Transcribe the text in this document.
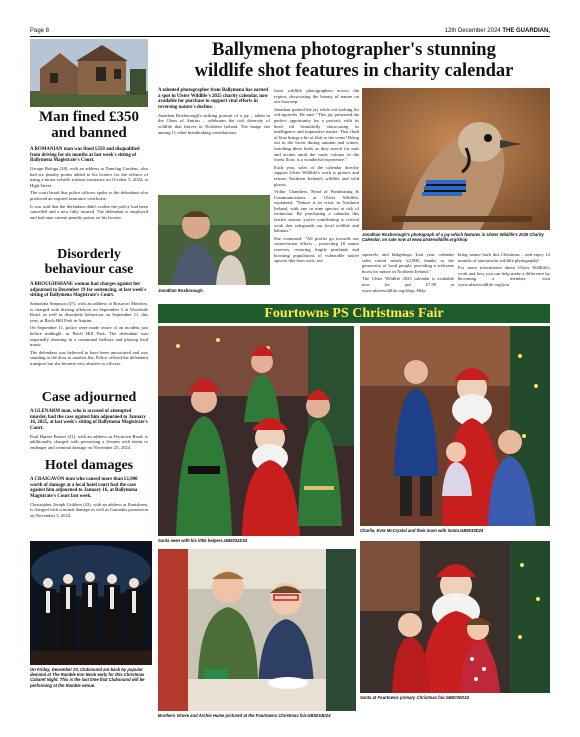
Page 8	12th December 2024 THE GUARDIAN,
Man fined £350 and banned

A ROMANIAN man was fined £350 and disqualified from driving for six months at last week's sitting of Ballymena Magistrate's Court.

George Bologa (28), with an address at Dunclug Gardens, also had six penalty points added to his licence for the offence of using a motor vehicle without insurance on October 5, 2024, at High Street.

The court heard that police officers spoke to the defendant who produced an expired insurance certificate.

It was said that the defendant didn't realise the policy had been cancelled and a new fully insured. The defendant is employed and had nine current penalty points on his licence.

Disorderly behaviour case

A BROUGHSHANE woman had charges against her adjourned to December 19 for sentencing, at last week's sitting of Ballymena Magistrate's Court.

Samantha Simpson (47), with an address at Rosavon Meadow, is charged with driving offences on September 5 at Woodside Road, as well as disorderly behaviour on September 11, this year, at Birch Hill Park in Antrim.

On September 11, police were made aware of an incident just before midnight, at Birch Hill Park. The defendant was reportedly shouting in a communal hallway and playing loud music.

The defendant was believed to have been intoxicated and was standing at the door to another flat. Police offered the defendant transport but she became very abusive to officers.

Case adjourned

A GLENARM man, who is accused of attempted murder, had the case against him adjourned to January 16, 2025, at last week's sitting of Ballymena Magistrate's Court.

Paul Hunter Baxter (41), with an address in Feystown Road, is additionally charged with possessing a firearm with intent to endanger and criminal damage on November 25, 2024.

Hotel damages

A CRAIGAVON man who caused more than £1,000 worth of damage at a local hotel court had the case against him adjourned to January 16, at Ballymena Magistrate's Court last week.

Christopher Joseph Gribben (43), with an address at Enniskeen, is charged with criminal damage as well as Cannabis possession on November 3, 2024.

On Friday, December 20, Clubsound are back by popular demand at The Ramble Inn! Book early for this Christmas Cabaret Night. This is the last time that Clubsound will be performing at the Ramble venue.

Ballymena photographer's stunning
wildlife shot features in charity calendar

A talented photographer from Ballymena has earned a spot in Ulster Wildlife's 2025 charity calendar, now available for purchase to support vital efforts in reversing nature's decline.

Jonathan Roxborough's striking portrait of a jay – taken in the Glens of Antrim – celebrates the rich diversity of wildlife that thrives in Northern Ireland. The image sits among 11 other breathtaking contributions

Jonathan Roxborough.

from wildlife photographers across the region, showcasing the beauty of nature on our doorstep.

Jonathan spotted the jay while out looking for red squirrels. He said: "This jay presented the perfect opportunity for a portrait, with its head tilt beautifully showcasing its intelligence and inquisitive nature. That flash of blue brings a bit of flair to the scene! Being out in the forest during autumn and winter, watching these birds as they search for nuts and acorns amid the rustic colours of the forest floor, is a wonderful experience."

Each year, sales of the calendar directly support Ulster Wildlife's work to protect and restore Northern Ireland's wildlife and wild places.

Vidlor Chambers, Head of Fundraising & Communications at Ulster Wildlife, explained: "Nature is in crisis in Northern Ireland, with one in nine species at risk of extinction. By purchasing a calendar this festive season, you're contributing to critical work that safeguards our local wildlife and habitats."

She continued: "All profits go towards our conservation efforts – protecting 18 nature reserves, restoring fragile peatlands and boosting populations of vulnerable native species like barn owls, red

Jonathan Roxborough's photograph of a jay which features in Ulster Wildlife's 2025 Charity Calendar, on sale now at www.ulsterwildlife.org/shop

squirrels, and hedgehogs. Last year, calendar sales raised nearly £2,000, thanks to the generosity of local people, providing a welcome boost for nature in Northern Ireland."

The Ulster Wildlife 2025 calendar is available now for just £7.99 at www.ulsterwildlife.org/shop. Help

bring nature back this Christmas – and enjoy 12 months of spectacular wildlife photography!

For more information about Ulster Wildlife's work and how you can help make a difference by becoming a member, visit www.ulsterwildlife.org/join

Fourtowns PS Christmas Fair

Santa seen with his little helpers.GB5032D24

Charlie, Evre McCrystal and their mum with Santa.GB5033D24

Brothers Vinnie and Archie Hume pictured at the Fourtowns Christmas fair.GB5034D24

Santa at Fourtowns primary Christmas fair.GB5030D24
